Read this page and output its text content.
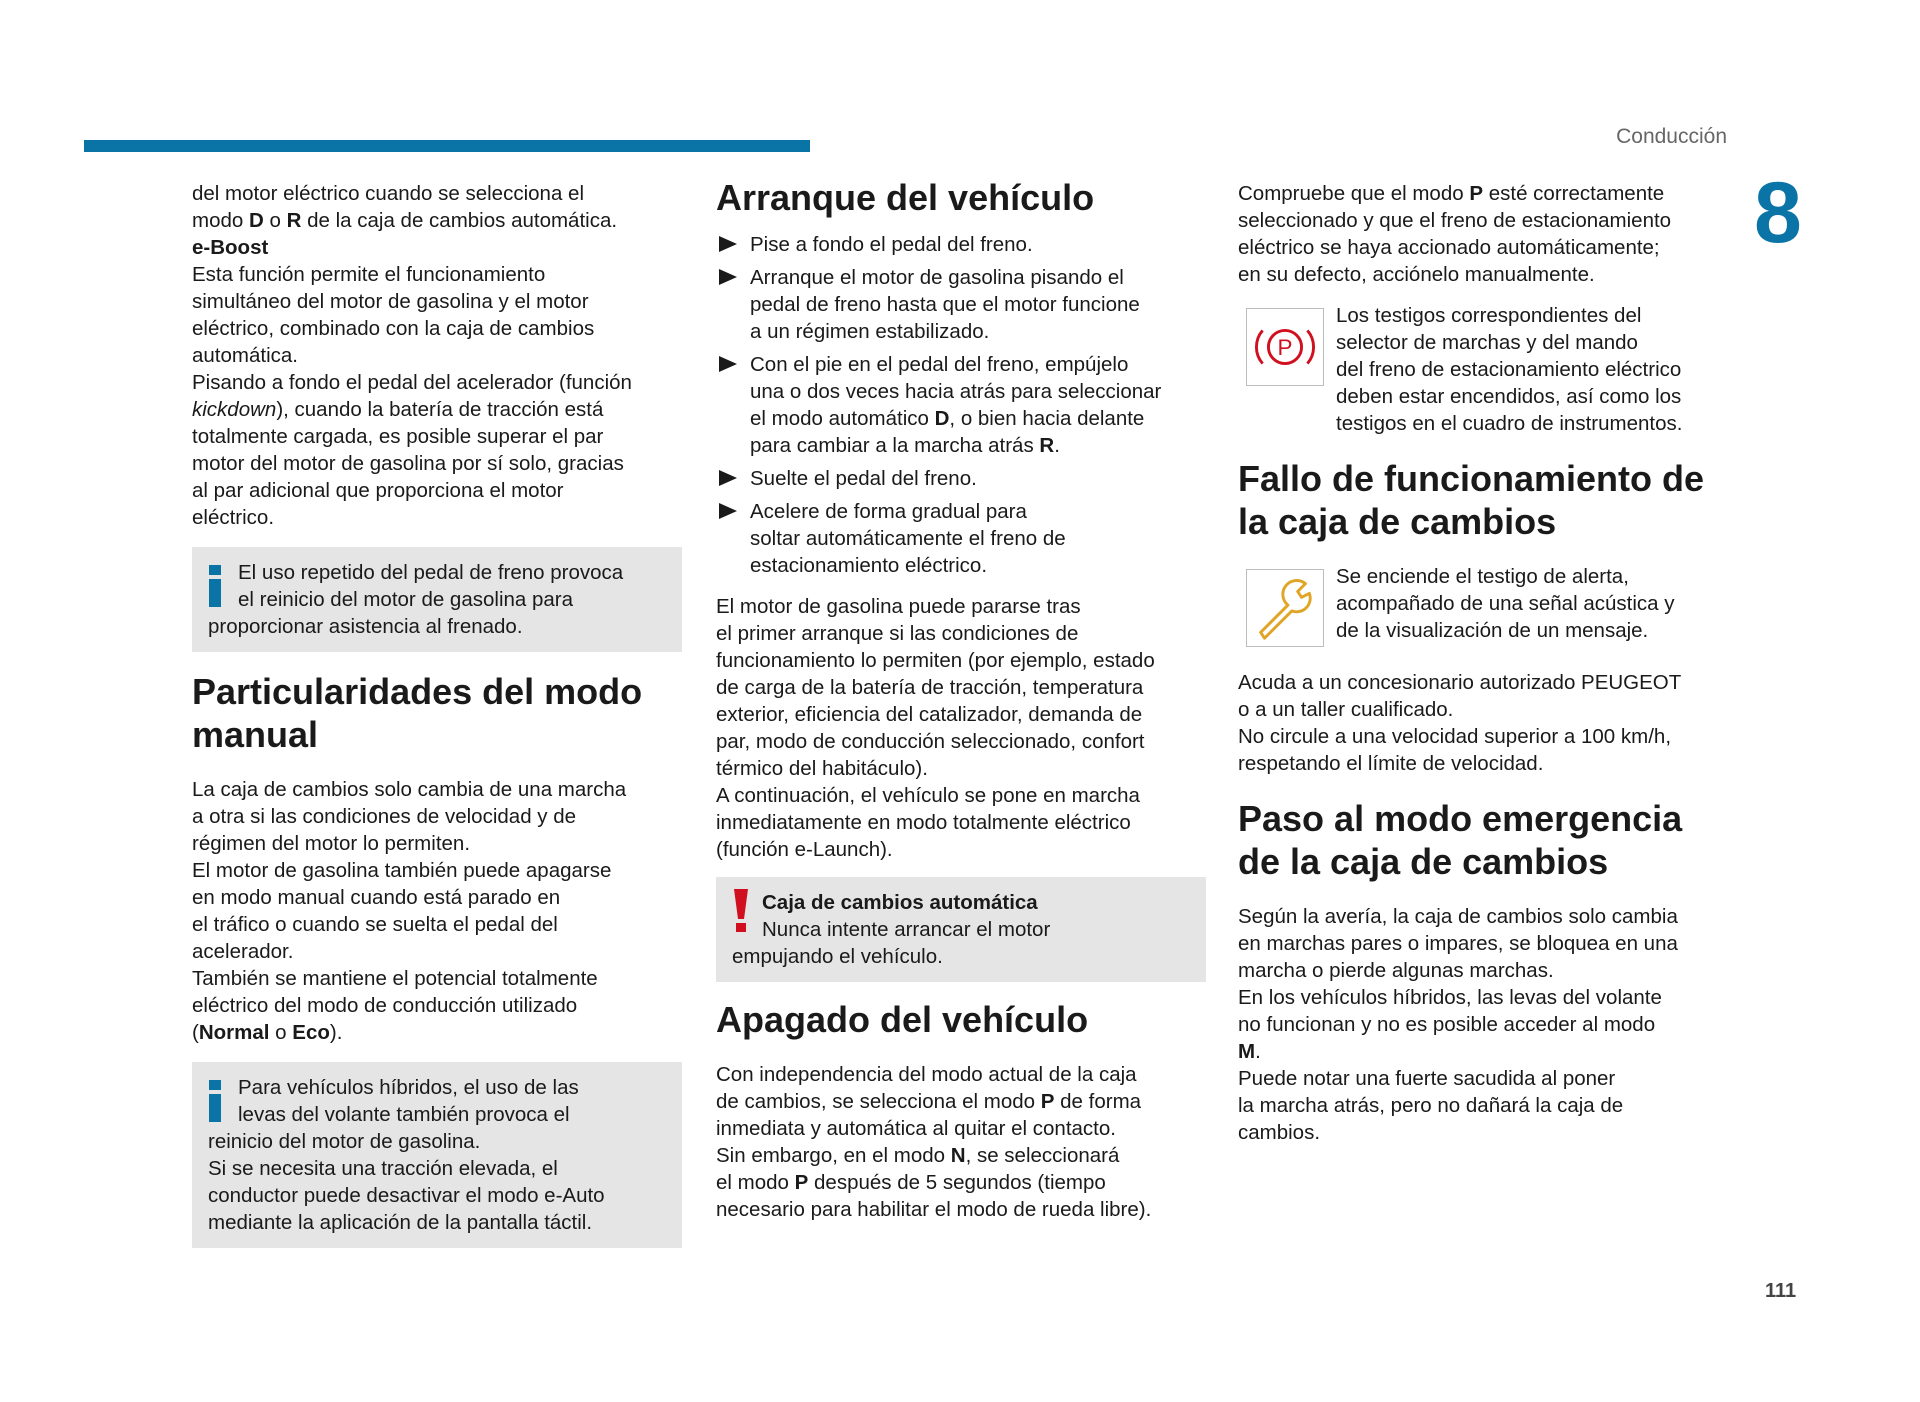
Conducción
8

del motor eléctrico cuando se selecciona el

modo D o R de la caja de cambios automática.

e-Boost

Esta función permite el funcionamiento

simultáneo del motor de gasolina y el motor

eléctrico, combinado con la caja de cambios

automática.

Pisando a fondo el pedal del acelerador (función

kickdown), cuando la batería de tracción está

totalmente cargada, es posible superar el par

motor del motor de gasolina por sí solo, gracias

al par adicional que proporciona el motor

eléctrico.

El uso repetido del pedal de freno provoca
el reinicio del motor de gasolina para
proporcionar asistencia al frenado.
Particularidades del modo
manual

La caja de cambios solo cambia de una marcha

a otra si las condiciones de velocidad y de

régimen del motor lo permiten.

El motor de gasolina también puede apagarse

en modo manual cuando está parado en

el tráfico o cuando se suelta el pedal del

acelerador.

También se mantiene el potencial totalmente

eléctrico del modo de conducción utilizado

(Normal o Eco).

Para vehículos híbridos, el uso de las
levas del volante también provoca el
reinicio del motor de gasolina.
Si se necesita una tracción elevada, el
conductor puede desactivar el modo e-Auto
mediante la aplicación de la pantalla táctil.
Arranque del vehículo

Pise a fondo el pedal del freno.

Arranque el motor de gasolina pisando el

pedal de freno hasta que el motor funcione

a un régimen estabilizado.

Con el pie en el pedal del freno, empújelo

una o dos veces hacia atrás para seleccionar

el modo automático D, o bien hacia delante

para cambiar a la marcha atrás R.

Suelte el pedal del freno.

Acelere de forma gradual para

soltar automáticamente el freno de

estacionamiento eléctrico.

El motor de gasolina puede pararse tras

el primer arranque si las condiciones de

funcionamiento lo permiten (por ejemplo, estado

de carga de la batería de tracción, temperatura

exterior, eficiencia del catalizador, demanda de

par, modo de conducción seleccionado, confort

térmico del habitáculo).

A continuación, el vehículo se pone en marcha

inmediatamente en modo totalmente eléctrico

(función e-Launch).

Caja de cambios automática
Nunca intente arrancar el motor
empujando el vehículo.
Apagado del vehículo

Con independencia del modo actual de la caja

de cambios, se selecciona el modo P de forma

inmediata y automática al quitar el contacto.

Sin embargo, en el modo N, se seleccionará

el modo P después de 5 segundos (tiempo

necesario para habilitar el modo de rueda libre).

Compruebe que el modo P esté correctamente

seleccionado y que el freno de estacionamiento

eléctrico se haya accionado automáticamente;

en su defecto, acciónelo manualmente.

P

Los testigos correspondientes del

selector de marchas y del mando

del freno de estacionamiento eléctrico

deben estar encendidos, así como los

testigos en el cuadro de instrumentos.

Fallo de funcionamiento de
la caja de cambios

Se enciende el testigo de alerta,

acompañado de una señal acústica y

de la visualización de un mensaje.

Acuda a un concesionario autorizado PEUGEOT

o a un taller cualificado.

No circule a una velocidad superior a 100 km/h,

respetando el límite de velocidad.

Paso al modo emergencia
de la caja de cambios

Según la avería, la caja de cambios solo cambia

en marchas pares o impares, se bloquea en una

marcha o pierde algunas marchas.

En los vehículos híbridos, las levas del volante

no funcionan y no es posible acceder al modo

M.

Puede notar una fuerte sacudida al poner

la marcha atrás, pero no dañará la caja de

cambios.

111
